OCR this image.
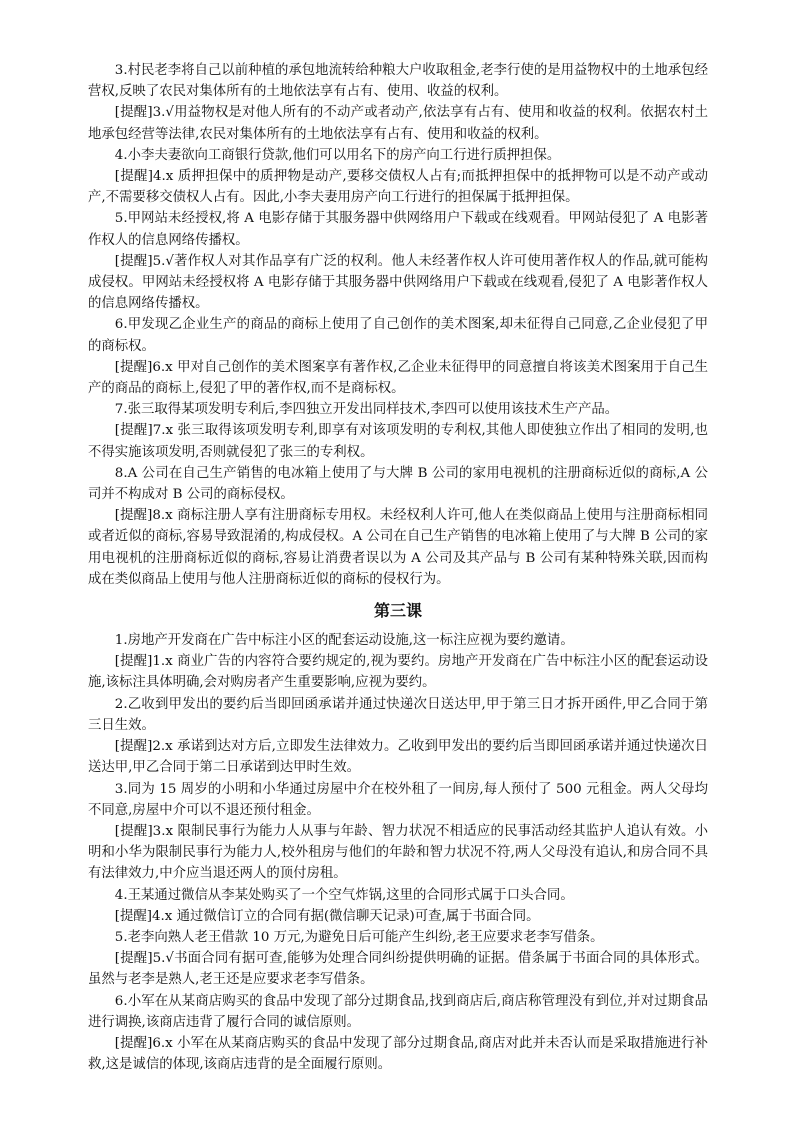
3.村民老李将自己以前种植的承包地流转给种粮大户收取租金,老李行使的是用益物权中的土地承包经营权,反映了农民对集体所有的土地依法享有占有、使用、收益的权利。

[提醒]3.√用益物权是对他人所有的不动产或者动产,依法享有占有、使用和收益的权利。依据农村土地承包经营等法律,农民对集体所有的土地依法享有占有、使用和收益的权利。

4.小李夫妻欲向工商银行贷款,他们可以用名下的房产向工行进行质押担保。

[提醒]4.x 质押担保中的质押物是动产,要移交债权人占有;而抵押担保中的抵押物可以是不动产或动产,不需要移交债权人占有。因此,小李夫妻用房产向工行进行的担保属于抵押担保。

5.甲网站未经授权,将 A 电影存储于其服务器中供网络用户下载或在线观看。甲网站侵犯了 A 电影著作权人的信息网络传播权。

[提醒]5.√著作权人对其作品享有广泛的权利。他人未经著作权人许可使用著作权人的作品,就可能构成侵权。甲网站未经授权将 A 电影存储于其服务器中供网络用户下载或在线观看,侵犯了 A 电影著作权人的信息网络传播权。

6.甲发现乙企业生产的商品的商标上使用了自己创作的美术图案,却未征得自己同意,乙企业侵犯了甲的商标权。

[提醒]6.x 甲对自己创作的美术图案享有著作权,乙企业未征得甲的同意擅自将该美术图案用于自己生产的商品的商标上,侵犯了甲的著作权,而不是商标权。

7.张三取得某项发明专利后,李四独立开发出同样技术,李四可以使用该技术生产产品。

[提醒]7.x 张三取得该项发明专利,即享有对该项发明的专利权,其他人即使独立作出了相同的发明,也不得实施该项发明,否则就侵犯了张三的专利权。

8.A 公司在自己生产销售的电冰箱上使用了与大牌 B 公司的家用电视机的注册商标近似的商标,A 公司并不构成对 B 公司的商标侵权。

[提醒]8.x 商标注册人享有注册商标专用权。未经权利人许可,他人在类似商品上使用与注册商标相同或者近似的商标,容易导致混淆的,构成侵权。A 公司在自己生产销售的电冰箱上使用了与大牌 B 公司的家用电视机的注册商标近似的商标,容易让消费者误以为 A 公司及其产品与 B 公司有某种特殊关联,因而构成在类似商品上使用与他人注册商标近似的商标的侵权行为。

第三课

1.房地产开发商在广告中标注小区的配套运动设施,这一标注应视为要约邀请。

[提醒]1.x 商业广告的内容符合要约规定的,视为要约。房地产开发商在广告中标注小区的配套运动设施,该标注具体明确,会对购房者产生重要影响,应视为要约。

2.乙收到甲发出的要约后当即回函承诺并通过快递次日送达甲,甲于第三日才拆开函件,甲乙合同于第三日生效。

[提醒]2.x 承诺到达对方后,立即发生法律效力。乙收到甲发出的要约后当即回函承诺并通过快递次日送达甲,甲乙合同于第二日承诺到达甲时生效。

3.同为 15 周岁的小明和小华通过房屋中介在校外租了一间房,每人预付了 500 元租金。两人父母均不同意,房屋中介可以不退还预付租金。

[提醒]3.x 限制民事行为能力人从事与年龄、智力状况不相适应的民事活动经其监护人追认有效。小明和小华为限制民事行为能力人,校外租房与他们的年龄和智力状况不符,两人父母没有追认,和房合同不具有法律效力,中介应当退还两人的顶付房租。

4.王某通过微信从李某处购买了一个空气炸锅,这里的合同形式属于口头合同。

[提醒]4.x 通过微信订立的合同有据(微信聊天记录)可查,属于书面合同。

5.老李向熟人老王借款 10 万元,为避免日后可能产生纠纷,老王应要求老李写借条。

[提醒]5.√书面合同有据可查,能够为处理合同纠纷提供明确的证据。借条属于书面合同的具体形式。虽然与老李是熟人,老王还是应要求老李写借条。

6.小军在从某商店购买的食品中发现了部分过期食品,找到商店后,商店称管理没有到位,并对过期食品进行调换,该商店违背了履行合同的诚信原则。

[提醒]6.x 小军在从某商店购买的食品中发现了部分过期食品,商店对此并未否认而是采取措施进行补救,这是诚信的体现,该商店违背的是全面履行原则。
